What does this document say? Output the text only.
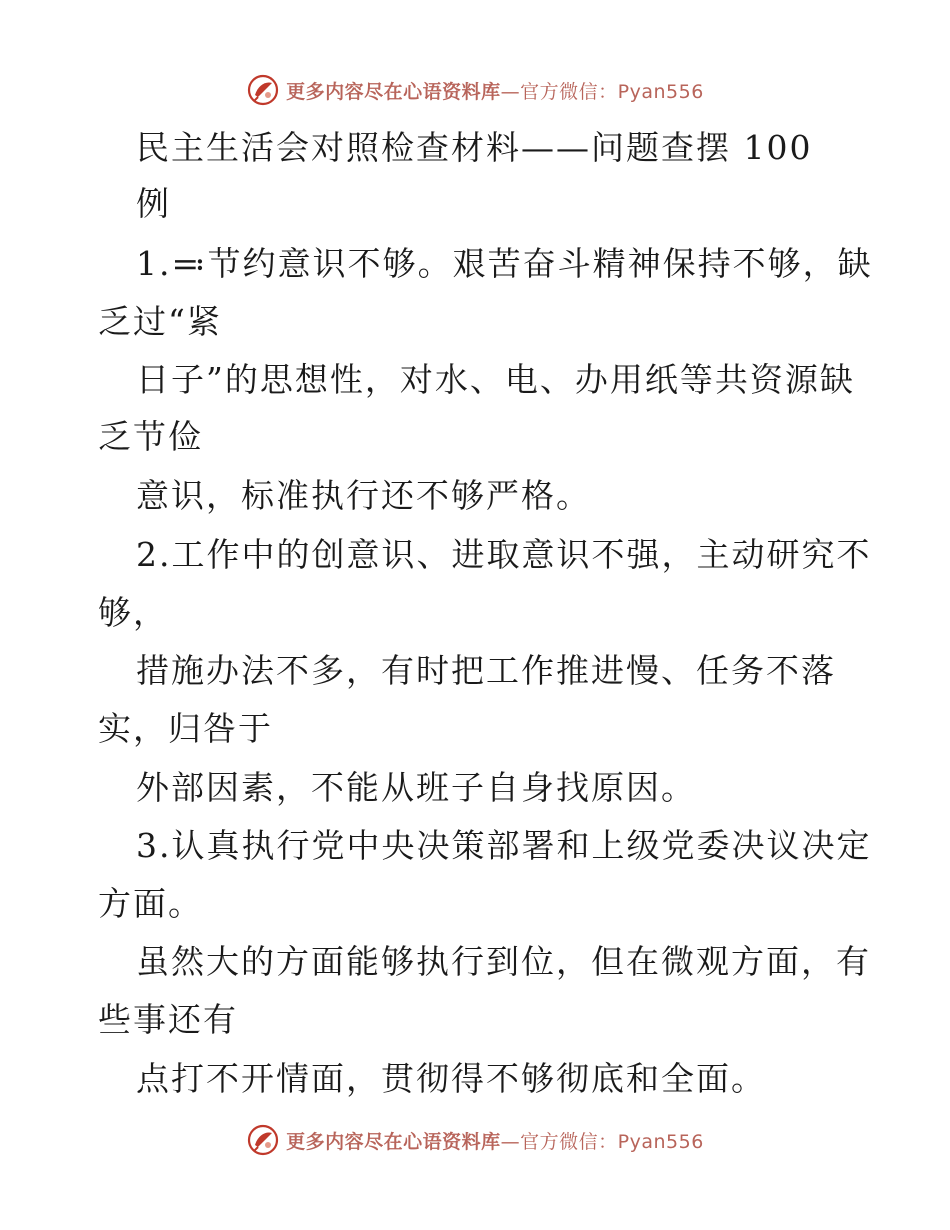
更多内容尽在心语资料库—官方微信：Pyan556
民主生活会对照检查材料——问题查摆 100
例
1.≕节约意识不够。艰苦奋斗精神保持不够，缺
乏过“紧
日子”的思想性，对水、电、办用纸等共资源缺
乏节俭
意识，标准执行还不够严格。
2.工作中的创意识、进取意识不强，主动研究不
够，
措施办法不多，有时把工作推进慢、任务不落
实，归咎于
外部因素，不能从班子自身找原因。
3.认真执行党中央决策部署和上级党委决议决定
方面。
虽然大的方面能够执行到位，但在微观方面，有
些事还有
点打不开情面，贯彻得不够彻底和全面。
更多内容尽在心语资料库—官方微信：Pyan556
